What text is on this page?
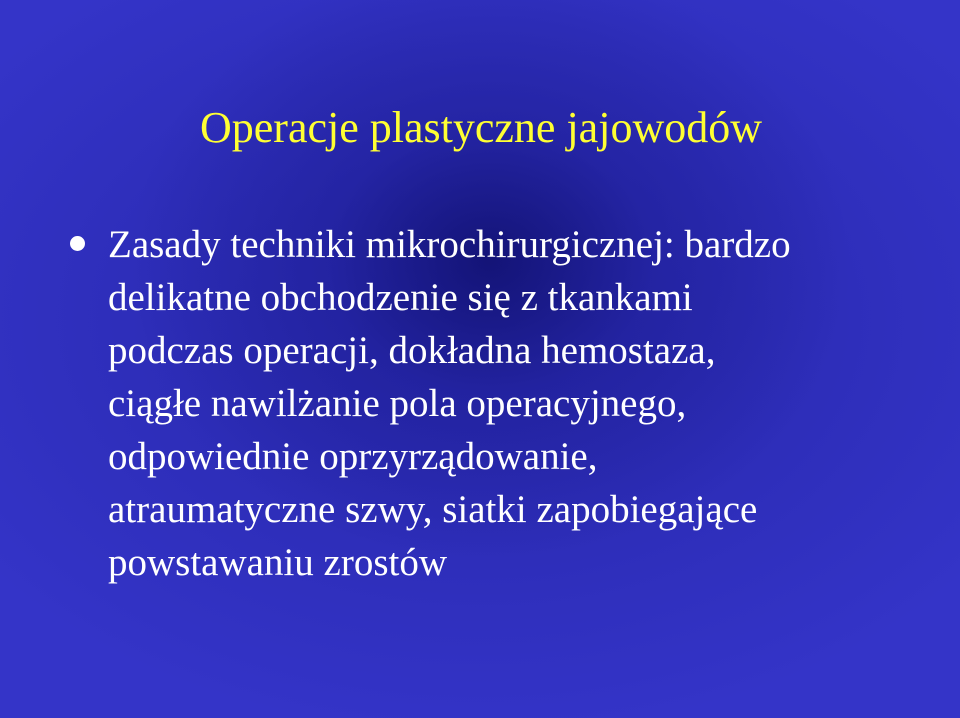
Operacje plastyczne jajowodów
Zasady techniki mikrochirurgicznej: bardzo
delikatne obchodzenie się z tkankami
podczas operacji, dokładna hemostaza,
ciągłe nawilżanie pola operacyjnego,
odpowiednie oprzyrządowanie,
atraumatyczne szwy, siatki zapobiegające
powstawaniu zrostów
